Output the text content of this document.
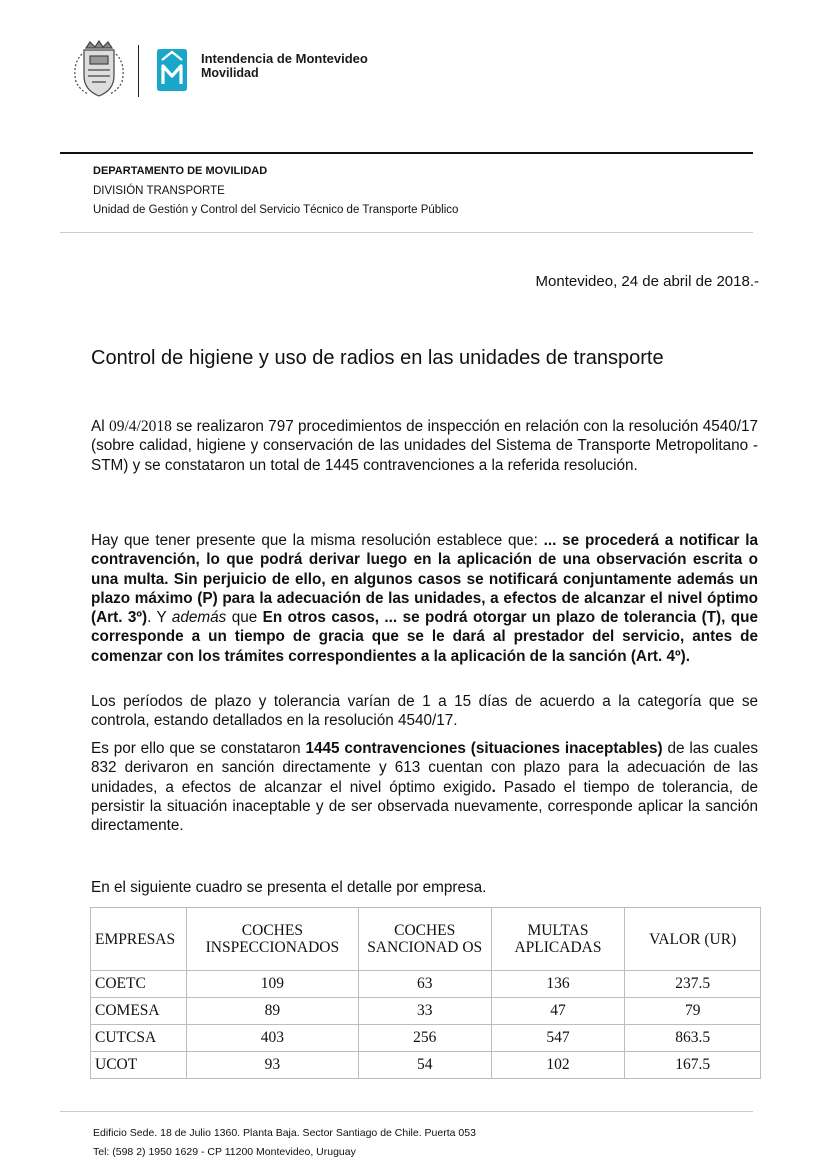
Intendencia de Montevideo
Movilidad
DEPARTAMENTO DE MOVILIDAD
DIVISIÓN TRANSPORTE
Unidad de Gestión y Control del Servicio Técnico de Transporte Público
Montevideo, 24 de abril de 2018.-
Control de higiene y uso de radios en las unidades de transporte

Al 09/4/2018 se realizaron 797 procedimientos de inspección en relación con la resolución 4540/17 (sobre calidad, higiene y conservación de las unidades del Sistema de Transporte Metropolitano - STM) y se constataron un total de 1445 contravenciones a la referida resolución.

Hay que tener presente que la misma resolución establece que: ... se procederá a notificar la contravención, lo que podrá derivar luego en la aplicación de una observación escrita o una multa. Sin perjuicio de ello, en algunos casos se notificará conjuntamente además un plazo máximo (P) para la adecuación de las unidades, a efectos de alcanzar el nivel óptimo (Art. 3º). Y además que En otros casos, ... se podrá otorgar un plazo de tolerancia (T), que corresponde a un tiempo de gracia que se le dará al prestador del servicio, antes de comenzar con los trámites correspondientes a la aplicación de la sanción (Art. 4º).

Los períodos de plazo y tolerancia varían de 1 a 15 días de acuerdo a la categoría que se controla, estando detallados en la resolución 4540/17.

Es por ello que se constataron 1445 contravenciones (situaciones inaceptables) de las cuales 832 derivaron en sanción directamente y 613 cuentan con plazo para la adecuación de las unidades, a efectos de alcanzar el nivel óptimo exigido. Pasado el tiempo de tolerancia, de persistir la situación inaceptable y de ser observada nuevamente, corresponde aplicar la sanción directamente.

En el siguiente cuadro se presenta el detalle por empresa.
EMPRESAS	COCHES INSPECCIONADOS	COCHES SANCIONAD OS	MULTAS APLICADAS	VALOR (UR)
COETC	109	63	136	237.5
COMESA	89	33	47	79
CUTCSA	403	256	547	863.5
UCOT	93	54	102	167.5
Edificio Sede. 18 de Julio 1360. Planta Baja. Sector Santiago de Chile. Puerta 053
Tel: (598 2) 1950 1629 - CP 11200 Montevideo, Uruguay
